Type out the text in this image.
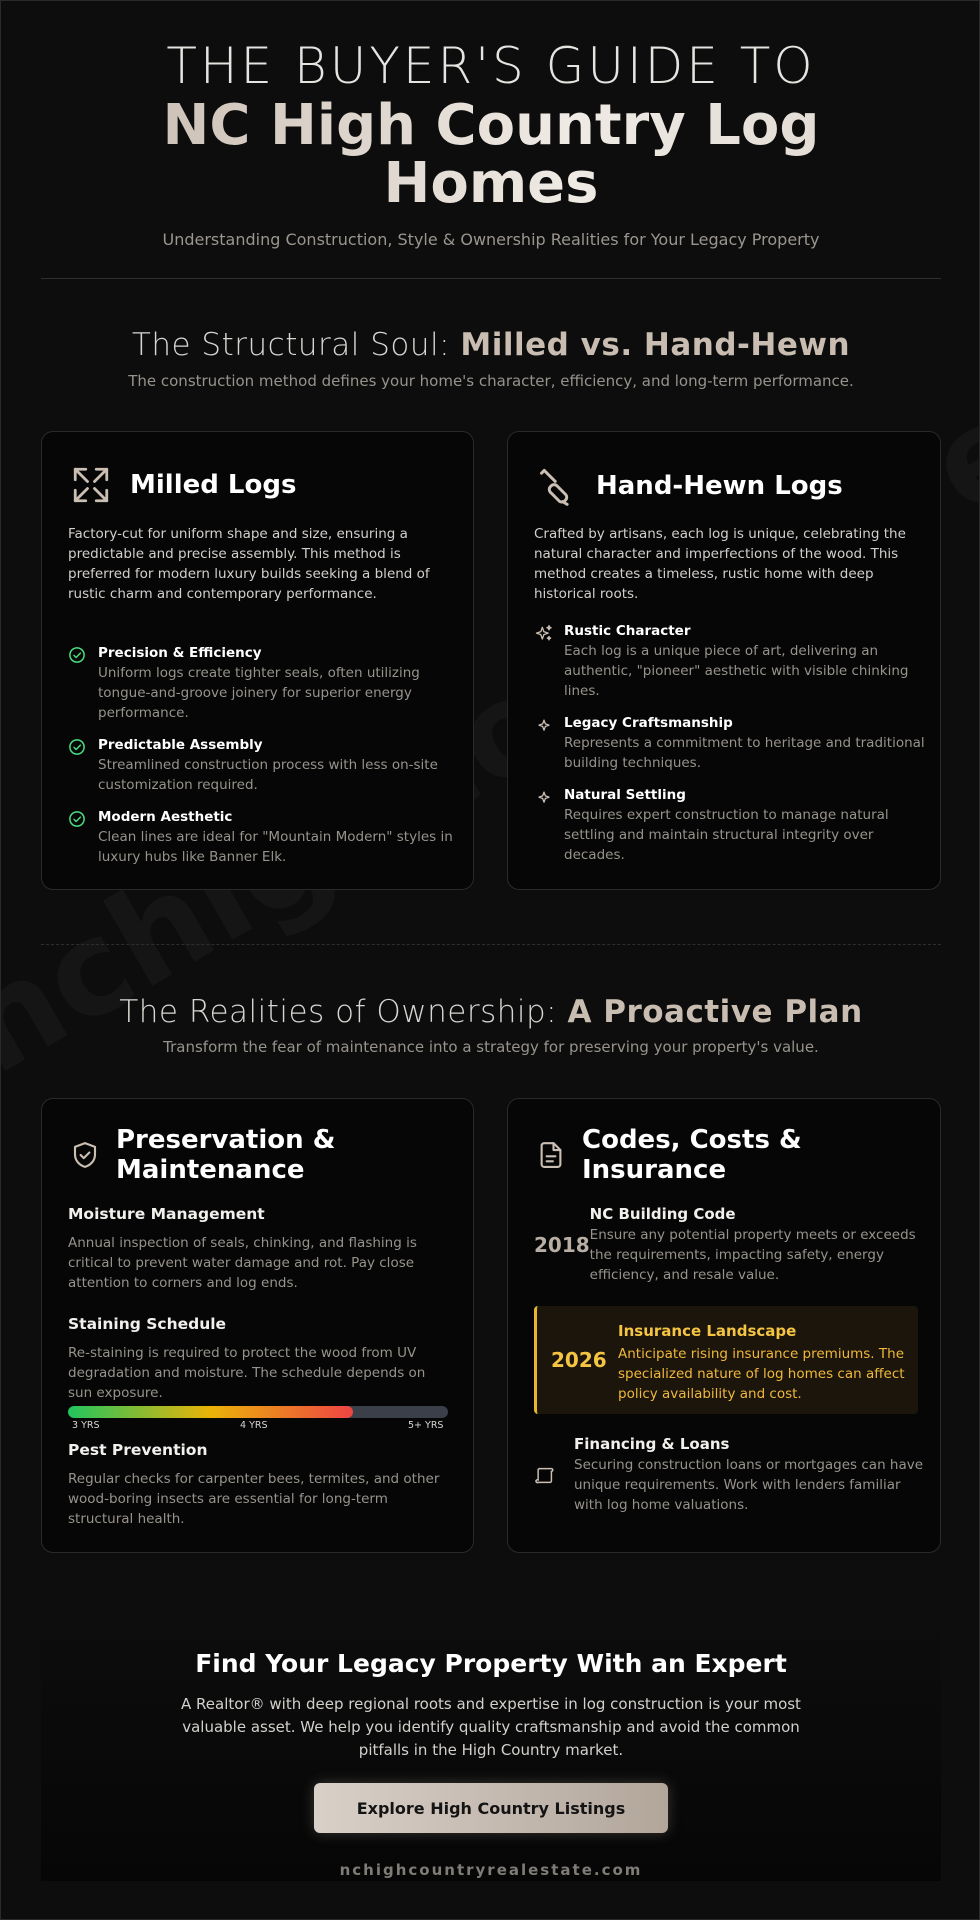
THE BUYER'S GUIDE TO
NC High Country Log Homes
Understanding Construction, Style & Ownership Realities for Your Legacy Property
The Structural Soul: Milled vs. Hand-Hewn
The construction method defines your home's character, efficiency, and long-term performance.
Milled Logs
Factory-cut for uniform shape and size, ensuring a predictable and precise assembly. This method is preferred for modern luxury builds seeking a blend of rustic charm and contemporary performance.
Precision & Efficiency
Uniform logs create tighter seals, often utilizing tongue-and-groove joinery for superior energy performance.
Predictable Assembly
Streamlined construction process with less on-site customization required.
Modern Aesthetic
Clean lines are ideal for "Mountain Modern" styles in luxury hubs like Banner Elk.
Hand-Hewn Logs
Crafted by artisans, each log is unique, celebrating the natural character and imperfections of the wood. This method creates a timeless, rustic home with deep historical roots.
Rustic Character
Each log is a unique piece of art, delivering an authentic, "pioneer" aesthetic with visible chinking lines.
Legacy Craftsmanship
Represents a commitment to heritage and traditional building techniques.
Natural Settling
Requires expert construction to manage natural settling and maintain structural integrity over decades.
The Realities of Ownership: A Proactive Plan
Transform the fear of maintenance into a strategy for preserving your property's value.
Preservation &
Maintenance
Moisture Management
Annual inspection of seals, chinking, and flashing is critical to prevent water damage and rot. Pay close attention to corners and log ends.
Staining Schedule
Re-staining is required to protect the wood from UV degradation and moisture. The schedule depends on sun exposure.
3 YRS	4 YRS	5+ YRS
Pest Prevention
Regular checks for carpenter bees, termites, and other wood-boring insects are essential for long-term structural health.
Codes, Costs &
Insurance
2018
NC Building Code
Ensure any potential property meets or exceeds the requirements, impacting safety, energy efficiency, and resale value.
2026
Insurance Landscape
Anticipate rising insurance premiums. The specialized nature of log homes can affect policy availability and cost.
Financing & Loans
Securing construction loans or mortgages can have unique requirements. Work with lenders familiar with log home valuations.
Find Your Legacy Property With an Expert
A Realtor® with deep regional roots and expertise in log construction is your most valuable asset. We help you identify quality craftsmanship and avoid the common pitfalls in the High Country market.
Explore High Country Listings
nchighcountryrealestate.com
